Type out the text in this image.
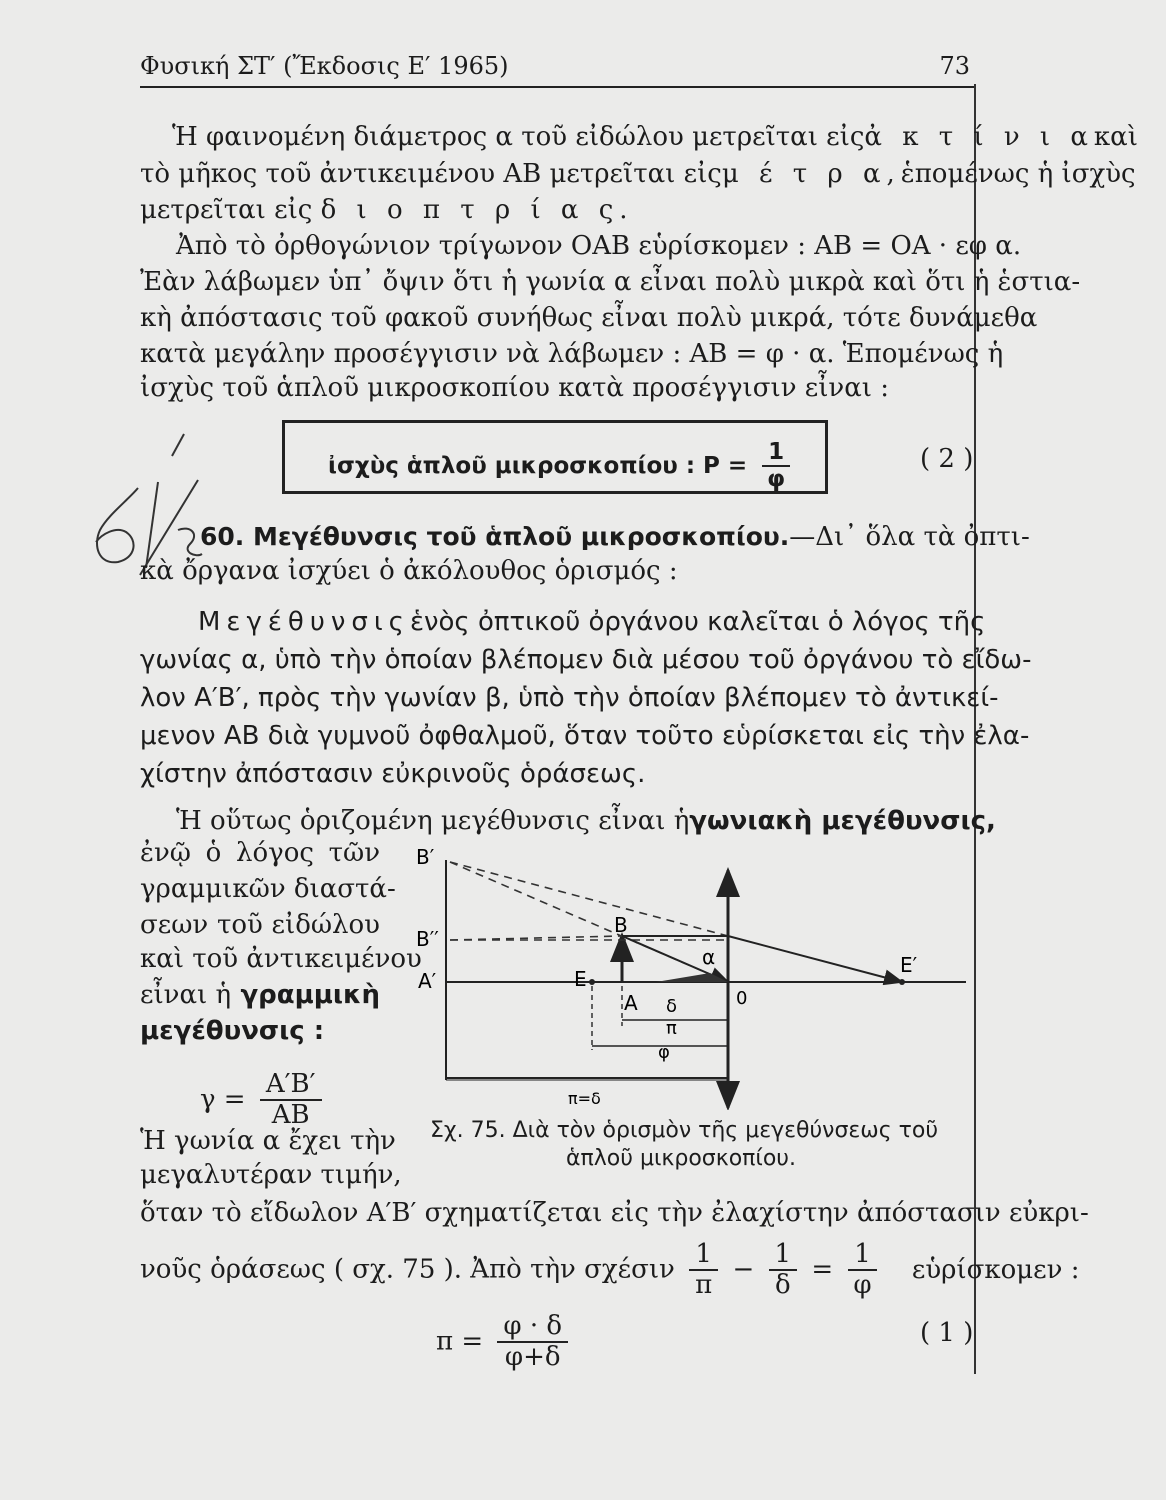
Φυσική ΣΤ′ (Ἔκδοσις Ε′ 1965)	73
Ἡ φαινομένη διάμετρος α τοῦ εἰδώλου μετρεῖται εἰς ἀ κ τ ί ν ι α καὶ
τὸ μῆκος τοῦ ἀντικειμένου ΑΒ μετρεῖται εἰς μ έ τ ρ α, ἑπομένως ἡ ἰσχὺς
μετρεῖται εἰς δ ι ο π τ ρ ί α ς.
Ἀπὸ τὸ ὀρθογώνιον τρίγωνον ΟΑΒ εὑρίσκομεν : ΑΒ = ΟΑ · εφ α.
Ἐὰν λάβωμεν ὑπ᾽ ὄψιν ὅτι ἡ γωνία α εἶναι πολὺ μικρὰ καὶ ὅτι ἡ ἑστια-
κὴ ἀπόστασις τοῦ φακοῦ συνήθως εἶναι πολὺ μικρά, τότε δυνάμεθα
κατὰ μεγάλην προσέγγισιν νὰ λάβωμεν : ΑΒ = φ · α. Ἑπομένως ἡ
ἰσχὺς τοῦ ἁπλοῦ μικροσκοπίου κατὰ προσέγγισιν εἶναι :
ἰσχὺς ἁπλοῦ μικροσκοπίου : $P = \frac{1}{\varphi}$	( 2 )
60. Μεγέθυνσις τοῦ ἁπλοῦ μικροσκοπίου. —Δι᾽ ὅλα τὰ ὀπτι-
κὰ ὄργανα ἰσχύει ὁ ἀκόλουθος ὁρισμός :
Μεγέθυνσις ἑνὸς ὀπτικοῦ ὀργάνου καλεῖται ὁ λόγος τῆς
γωνίας α, ὑπὸ τὴν ὁποίαν βλέπομεν διὰ μέσου τοῦ ὀργάνου τὸ εἴδω-
λον Α′Β′, πρὸς τὴν γωνίαν β, ὑπὸ τὴν ὁποίαν βλέπομεν τὸ ἀντικεί-
μενον ΑΒ διὰ γυμνοῦ ὀφθαλμοῦ, ὅταν τοῦτο εὑρίσκεται εἰς τὴν ἐλα-
χίστην ἀπόστασιν εὐκρινοῦς ὁράσεως.
Ἡ οὕτως ὁριζομένη μεγέθυνσις εἶναι ἡ γωνιακὴ μεγέθυνσις,
ἐνῷ ὁ λόγος τῶν
γραμμικῶν διαστά-
σεων τοῦ εἰδώλου
καὶ τοῦ ἀντικειμένου
εἶναι ἡ γραμμικὴ
μεγέθυνσις :
$\gamma = \frac{A'B'}{AB}$
Ἡ γωνία α ἔχει τὴν
μεγαλυτέραν τιμήν,
B′
B′′
A′	E
B
A
α
δ	0
E′
π
φ
π=δ
Σχ. 75. Διὰ τὸν ὁρισμὸν τῆς μεγεθύνσεως τοῦ
ἁπλοῦ μικροσκοπίου.
ὅταν τὸ εἴδωλον Α′Β′ σχηματίζεται εἰς τὴν ἐλαχίστην ἀπόστασιν εὐκρι-
νοῦς ὁράσεως ( σχ. 75 ). Ἀπὸ τὴν σχέσιν $\frac{1}{\pi} - \frac{1}{\delta} = \frac{1}{\varphi}$ εὑρίσκομεν :
$\pi = \frac{\varphi \cdot \delta}{\varphi+\delta}$	( 1 )
